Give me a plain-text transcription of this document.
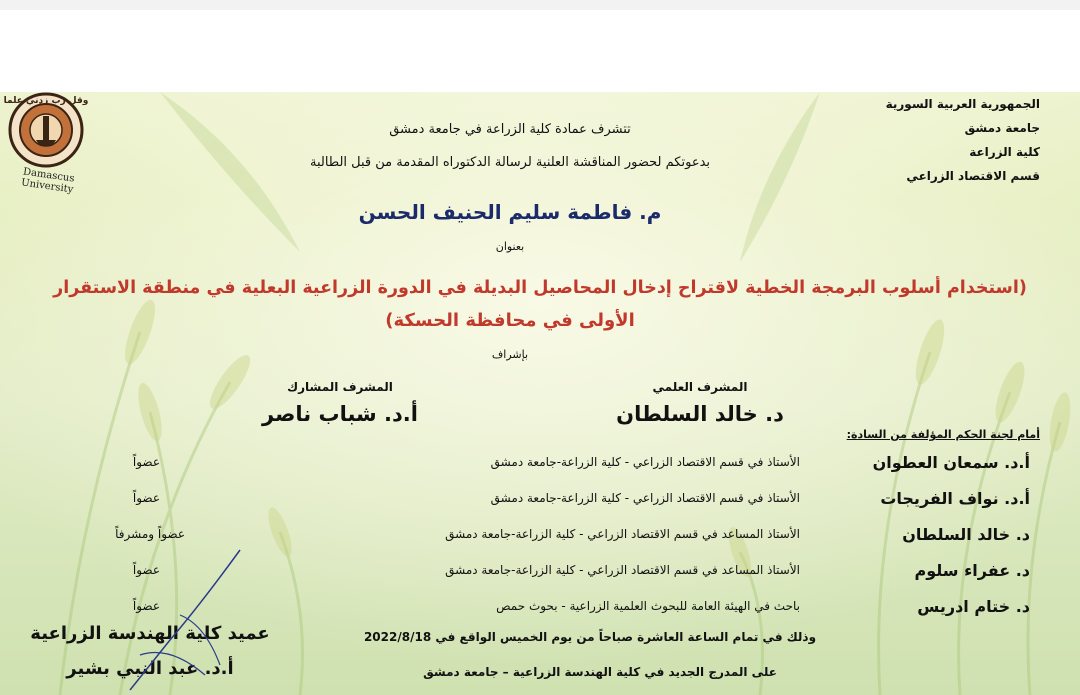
وقل رب زدني علما
Damascus University
الجمهورية العربية السورية
جامعة دمشق
كلية الزراعة
قسم الاقتصاد الزراعي
تتشرف عمادة كلية الزراعة في جامعة دمشق
بدعوتكم لحضور المناقشة العلنية لرسالة الدكتوراه المقدمة من قبل الطالبة
م. فاطمة سليم الحنيف الحسن
بعنوان
(استخدام أسلوب البرمجة الخطية لاقتراح إدخال المحاصيل البديلة في الدورة الزراعية البعلية في منطقة الاستقرار
الأولى في محافظة الحسكة)
بإشراف
المشرف العلمي
د. خالد السلطان
المشرف المشارك
أ.د. شباب ناصر
أمام لجنة الحكم المؤلفة من السادة:
أ.د. سمعان العطوان
الأستاذ في قسم الاقتصاد الزراعي - كلية الزراعة-جامعة دمشق
عضواً
أ.د. نواف الفريجات
الأستاذ في قسم الاقتصاد الزراعي - كلية الزراعة-جامعة دمشق
عضواً
د. خالد السلطان
الأستاذ المساعد في قسم الاقتصاد الزراعي - كلية الزراعة-جامعة دمشق
عضواً ومشرفاً
د. عفراء سلوم
الأستاذ المساعد في قسم الاقتصاد الزراعي - كلية الزراعة-جامعة دمشق
عضواً
د. ختام ادريس
باحث في الهيئة العامة للبحوث العلمية الزراعية - بحوث حمص
عضواً
وذلك في تمام الساعة العاشرة صباحاً من يوم الخميس الواقع في 2022/8/18
على المدرج الجديد في كلية الهندسة الزراعية – جامعة دمشق
عميد كلية الهندسة الزراعية
أ.د. عبد النبي بشير
